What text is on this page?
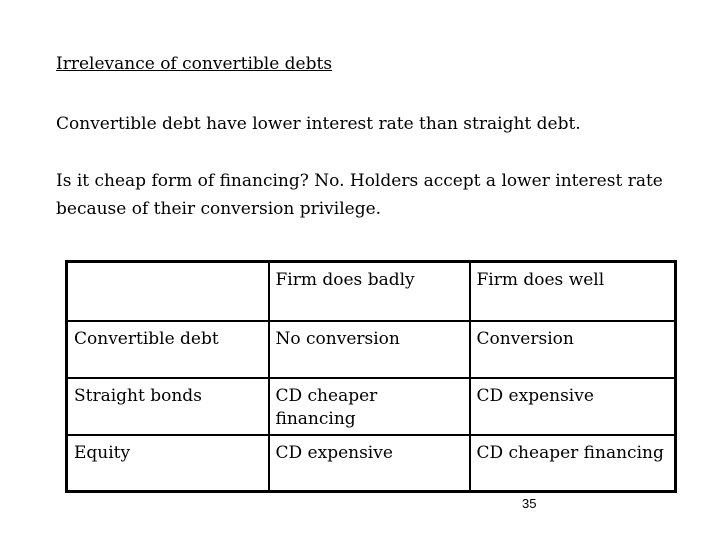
Irrelevance of convertible debts
Convertible debt have lower interest rate than straight debt.
Is it cheap form of financing? No. Holders accept a lower interest rate because of their conversion privilege.
	Firm does badly	Firm does well
Convertible debt	No conversion	Conversion
Straight bonds	CD cheaper financing	CD expensive
Equity	CD expensive	CD cheaper financing
35
